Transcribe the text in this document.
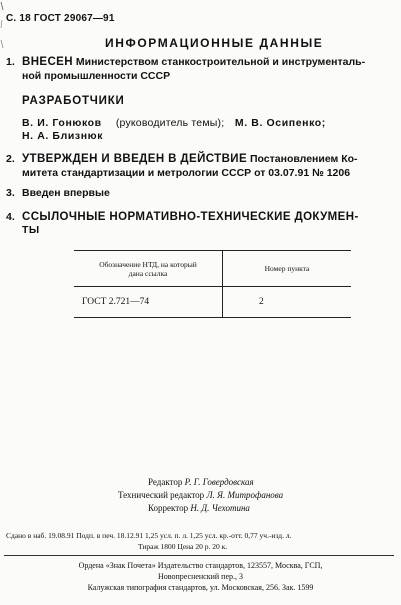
С. 18 ГОСТ 29067—91
ИНФОРМАЦИОННЫЕ ДАННЫЕ
1. ВНЕСЕН Министерством станкостроительной и инструменталь-
ной промышленности СССР
РАЗРАБОТЧИКИ
В. И. Гонюков (руководитель темы); М. В. Осипенко;
Н. А. Близнюк
2. УТВЕРЖДЕН И ВВЕДЕН В ДЕЙСТВИЕ Постановлением Ко-
митета стандартизации и метрологии СССР от 03.07.91 № 1206
3. Введен впервые
4. ССЫЛОЧНЫЕ НОРМАТИВНО-ТЕХНИЧЕСКИЕ ДОКУМЕН-
ТЫ
Обозначение НТД, на который
дана ссылка	Номер пункта
ГОСТ 2.721—74	2
Редактор Р. Г. Говердовская
Технический редактор Л. Я. Митрофанова
Корректор Н. Д. Чехотина
Сдано в наб. 19.08.91 Подп. в печ. 18.12.91 1,25 усл. п. л. 1,25 усл. кр.-отт. 0,77 уч.-изд. л.
Тираж 1800 Цена 20 р. 20 к.
Ордена «Знак Почета» Издательство стандартов, 123557, Москва, ГСП,
Новопресненский пер., 3
Калужская типография стандартов, ул. Московская, 256. Зак. 1599
